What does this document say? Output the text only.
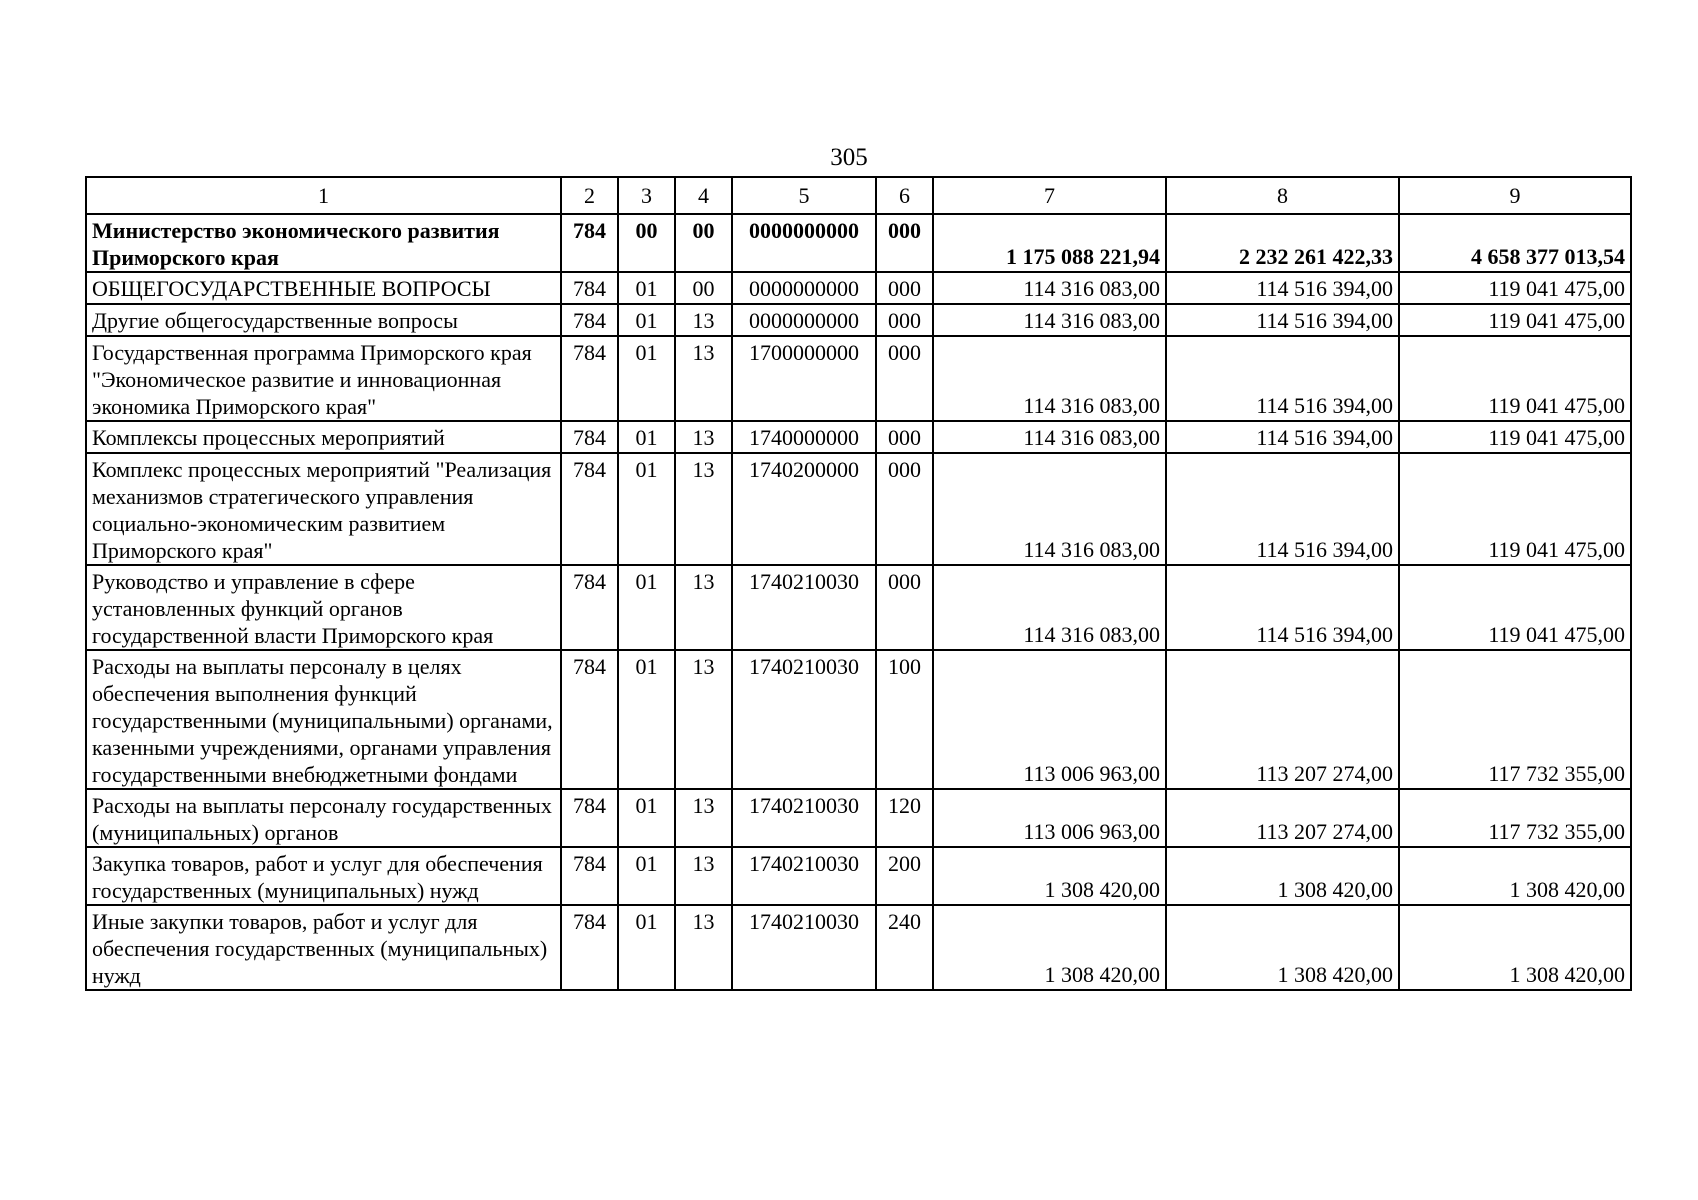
305
1	2	3	4	5	6	7	8	9
Министерство экономического развития Приморского края	784	00	00	0000000000	000	1 175 088 221,94	2 232 261 422,33	4 658 377 013,54
ОБЩЕГОСУДАРСТВЕННЫЕ ВОПРОСЫ	784	01	00	0000000000	000	114 316 083,00	114 516 394,00	119 041 475,00
Другие общегосударственные вопросы	784	01	13	0000000000	000	114 316 083,00	114 516 394,00	119 041 475,00
Государственная программа Приморского края "Экономическое развитие и инновационная экономика Приморского края"	784	01	13	1700000000	000	114 316 083,00	114 516 394,00	119 041 475,00
Комплексы процессных мероприятий	784	01	13	1740000000	000	114 316 083,00	114 516 394,00	119 041 475,00
Комплекс процессных мероприятий "Реализация механизмов стратегического управления социально-экономическим развитием Приморского края"	784	01	13	1740200000	000	114 316 083,00	114 516 394,00	119 041 475,00
Руководство и управление в сфере установленных функций органов государственной власти Приморского края	784	01	13	1740210030	000	114 316 083,00	114 516 394,00	119 041 475,00
Расходы на выплаты персоналу в целях обеспечения выполнения функций государственными (муниципальными) органами, казенными учреждениями, органами управления государственными внебюджетными фондами	784	01	13	1740210030	100	113 006 963,00	113 207 274,00	117 732 355,00
Расходы на выплаты персоналу государственных (муниципальных) органов	784	01	13	1740210030	120	113 006 963,00	113 207 274,00	117 732 355,00
Закупка товаров, работ и услуг для обеспечения государственных (муниципальных) нужд	784	01	13	1740210030	200	1 308 420,00	1 308 420,00	1 308 420,00
Иные закупки товаров, работ и услуг для обеспечения государственных (муниципальных) нужд	784	01	13	1740210030	240	1 308 420,00	1 308 420,00	1 308 420,00
